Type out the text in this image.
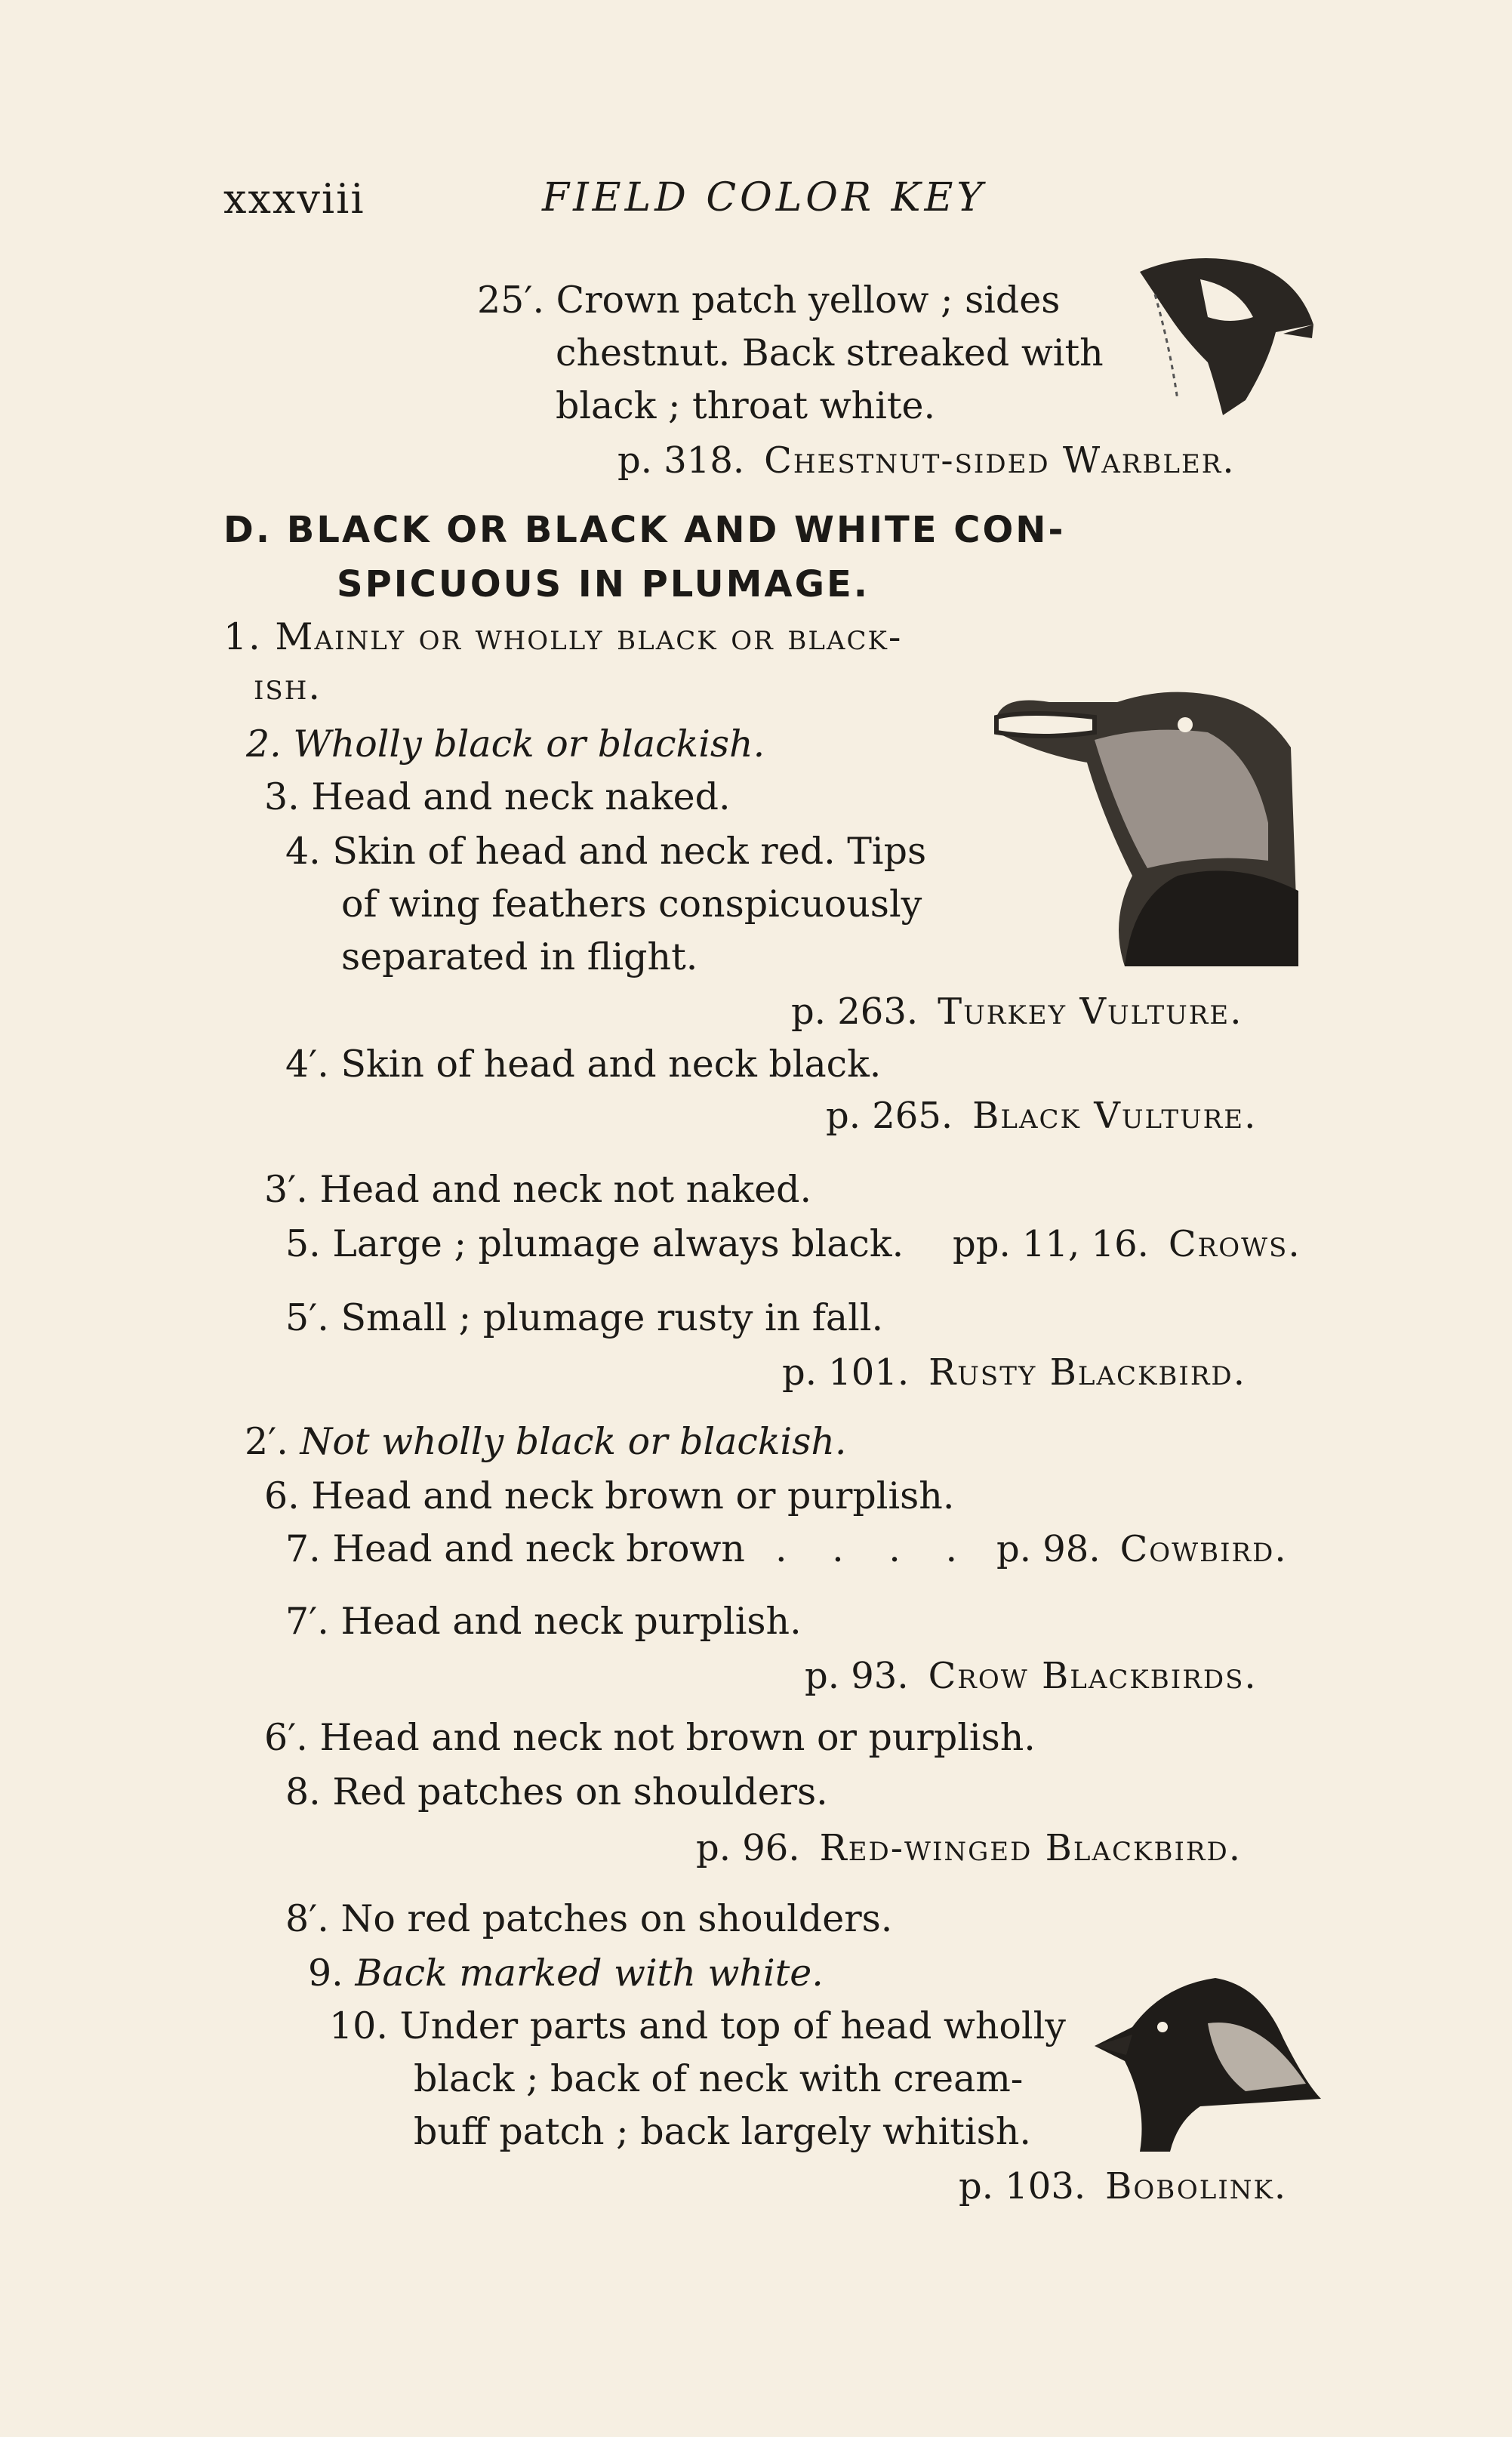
xxxviii	FIELD COLOR KEY
25′. Crown patch yellow ; sides
chestnut. Back streaked with
black ; throat white.
p. 318. Chestnut-sided Warbler.
D. BLACK OR BLACK AND WHITE CON-
SPICUOUS IN PLUMAGE.
1. Mainly or wholly black or black-
ish.
2. Wholly black or blackish.
3. Head and neck naked.
4. Skin of head and neck red. Tips
of wing feathers conspicuously
separated in flight.
p. 263. Turkey Vulture.
4′. Skin of head and neck black.
p. 265. Black Vulture.
3′. Head and neck not naked.
5. Large ; plumage always black. pp. 11, 16. Crows.
5′. Small ; plumage rusty in fall.
p. 101. Rusty Blackbird.
2′. Not wholly black or blackish.
6. Head and neck brown or purplish.
7. Head and neck brown . . . . p. 98. Cowbird.
7′. Head and neck purplish.
p. 93. Crow Blackbirds.
6′. Head and neck not brown or purplish.
8. Red patches on shoulders.
p. 96. Red-winged Blackbird.
8′. No red patches on shoulders.
9. Back marked with white.
10. Under parts and top of head wholly
black ; back of neck with cream-
buff patch ; back largely whitish.
p. 103. Bobolink.
